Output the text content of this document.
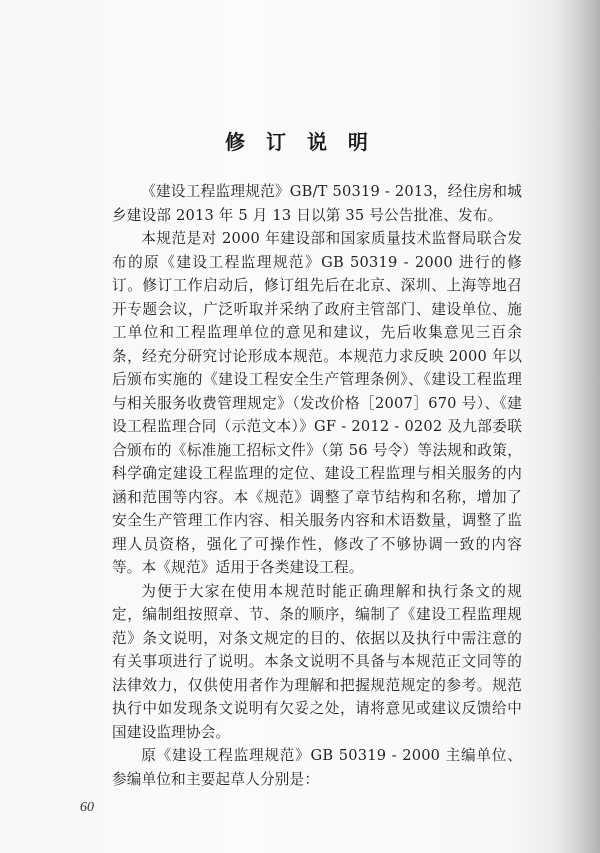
修 订 说 明

《建设工程监理规范》GB/T 50319 - 2013，经住房和城乡建设部 2013 年 5 月 13 日以第 35 号公告批准、发布。

本规范是对 2000 年建设部和国家质量技术监督局联合发布的原《建设工程监理规范》GB 50319 - 2000 进行的修订。修订工作启动后，修订组先后在北京、深圳、上海等地召开专题会议，广泛听取并采纳了政府主管部门、建设单位、施工单位和工程监理单位的意见和建议，先后收集意见三百余条，经充分研究讨论形成本规范。本规范力求反映 2000 年以后颁布实施的《建设工程安全生产管理条例》、《建设工程监理与相关服务收费管理规定》（发改价格［2007］670 号）、《建设工程监理合同（示范文本）》GF - 2012 - 0202 及九部委联合颁布的《标准施工招标文件》（第 56 号令）等法规和政策，科学确定建设工程监理的定位、建设工程监理与相关服务的内涵和范围等内容。本《规范》调整了章节结构和名称，增加了安全生产管理工作内容、相关服务内容和术语数量，调整了监理人员资格，强化了可操作性，修改了不够协调一致的内容等。本《规范》适用于各类建设工程。

为便于大家在使用本规范时能正确理解和执行条文的规定，编制组按照章、节、条的顺序，编制了《建设工程监理规范》条文说明，对条文规定的目的、依据以及执行中需注意的有关事项进行了说明。本条文说明不具备与本规范正文同等的法律效力，仅供使用者作为理解和把握规范规定的参考。规范执行中如发现条文说明有欠妥之处，请将意见或建议反馈给中国建设监理协会。

原《建设工程监理规范》GB 50319 - 2000 主编单位、参编单位和主要起草人分别是：

60
